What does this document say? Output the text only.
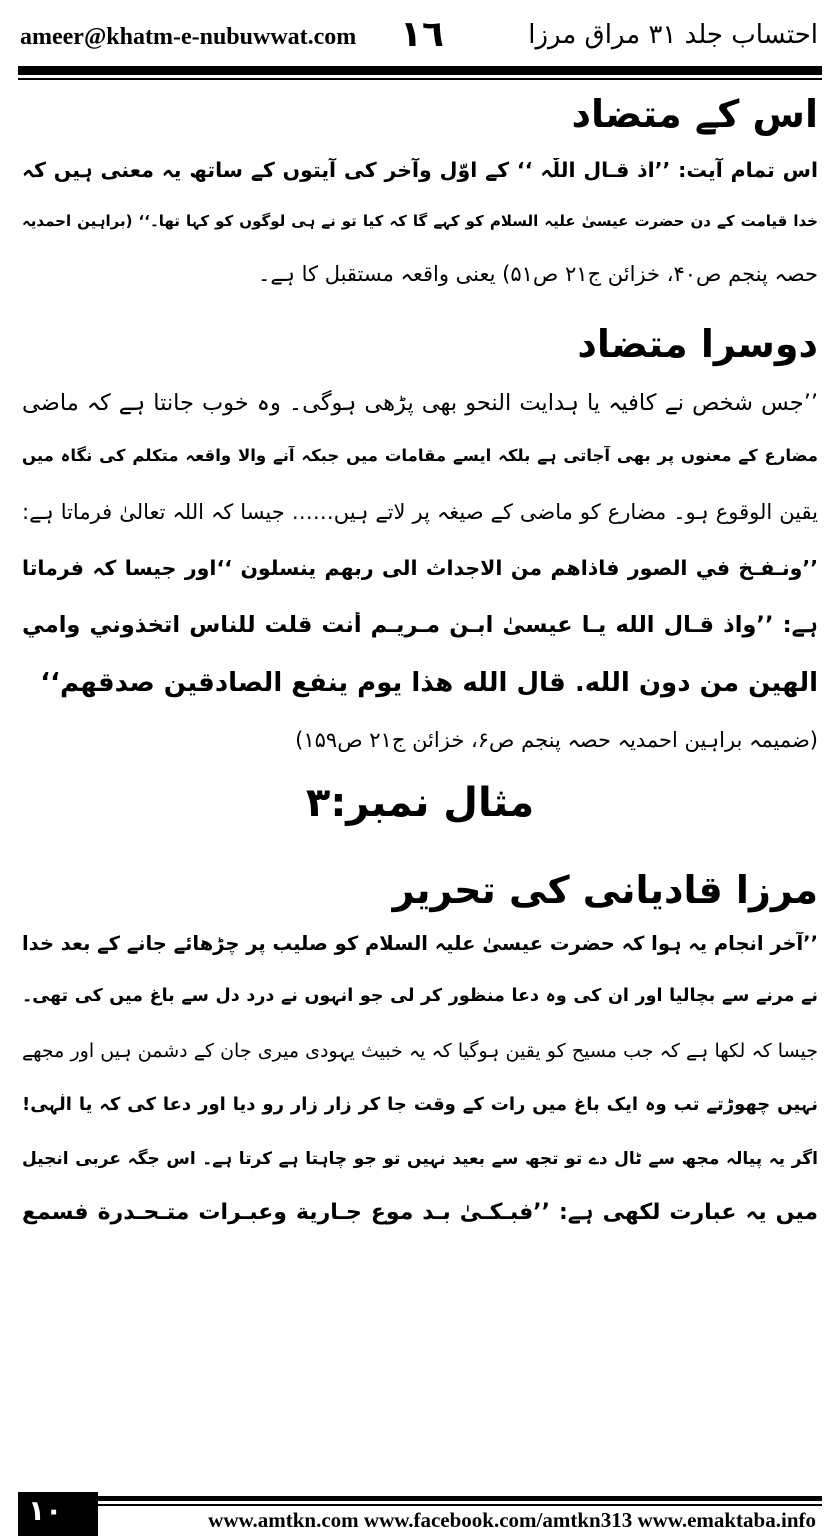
ameer@khatm-e-nubuwwat.com ١٦	احتساب جلد ۳۱ مراق مرزا
اس کے متضاد
اس تمام آیت: ’’اذ قـال اللّٰہ ‘‘ کے اوّل وآخر کی آیتوں کے ساتھ یہ معنی ہیں کہ
خدا قیامت کے دن حضرت عیسیٰ علیہ السلام کو کہے گا کہ کیا تو نے ہی لوگوں کو کہا تھا۔‘‘ (براہین احمدیہ
حصہ پنجم ص۴۰، خزائن ج۲۱ ص۵۱) یعنی واقعہ مستقبل کا ہے۔
دوسرا متضاد
’’جس شخص نے کافیہ یا ہدایت النحو بھی پڑھی ہوگی۔ وہ خوب جانتا ہے کہ ماضی
مضارع کے معنوں پر بھی آجاتی ہے بلکہ ایسے مقامات میں جبکہ آنے والا واقعہ متکلم کی نگاہ میں
یقین الوقوع ہو۔ مضارع کو ماضی کے صیغہ پر لاتے ہیں…… جیسا کہ اللہ تعالیٰ فرماتا ہے:
’’ونـفـخ في الصور فاذاهم من الاجداث الى ربهم ينسلون ‘‘اور جیسا کہ فرماتا
ہے: ’’واذ قـال الله يـا عيسىٰ ابـن مـريـم أنت قلت للناس اتخذوني وامي
الهين من دون الله. قال الله هذا يوم ينفع الصادقين صدقهم‘‘
(ضمیمہ براہین احمدیہ حصہ پنجم ص۶، خزائن ج۲۱ ص۱۵۹)
مثال نمبر:۳
مرزا قادیانی کی تحریر
’’آخر انجام یہ ہوا کہ حضرت عیسیٰ علیہ السلام کو صلیب پر چڑھائے جانے کے بعد خدا
نے مرنے سے بچالیا اور ان کی وہ دعا منظور کر لی جو انہوں نے درد دل سے باغ میں کی تھی۔
جیسا کہ لکھا ہے کہ جب مسیح کو یقین ہوگیا کہ یہ خبیث یہودی میری جان کے دشمن ہیں اور مجھے
نہیں چھوڑتے تب وہ ایک باغ میں رات کے وقت جا کر زار زار رو دیا اور دعا کی کہ یا الٰہی!
اگر یہ پیالہ مجھ سے ٹال دے تو تجھ سے بعید نہیں تو جو چاہتا ہے کرتا ہے۔ اس جگہ عربی انجیل
میں یہ عبارت لکھی ہے: ’’فبـکـیٰ بـد موع جـاریة وعبـرات متـحـدرة فسمع
١٠	www.amtkn.com www.facebook.com/amtkn313 www.emaktaba.info
